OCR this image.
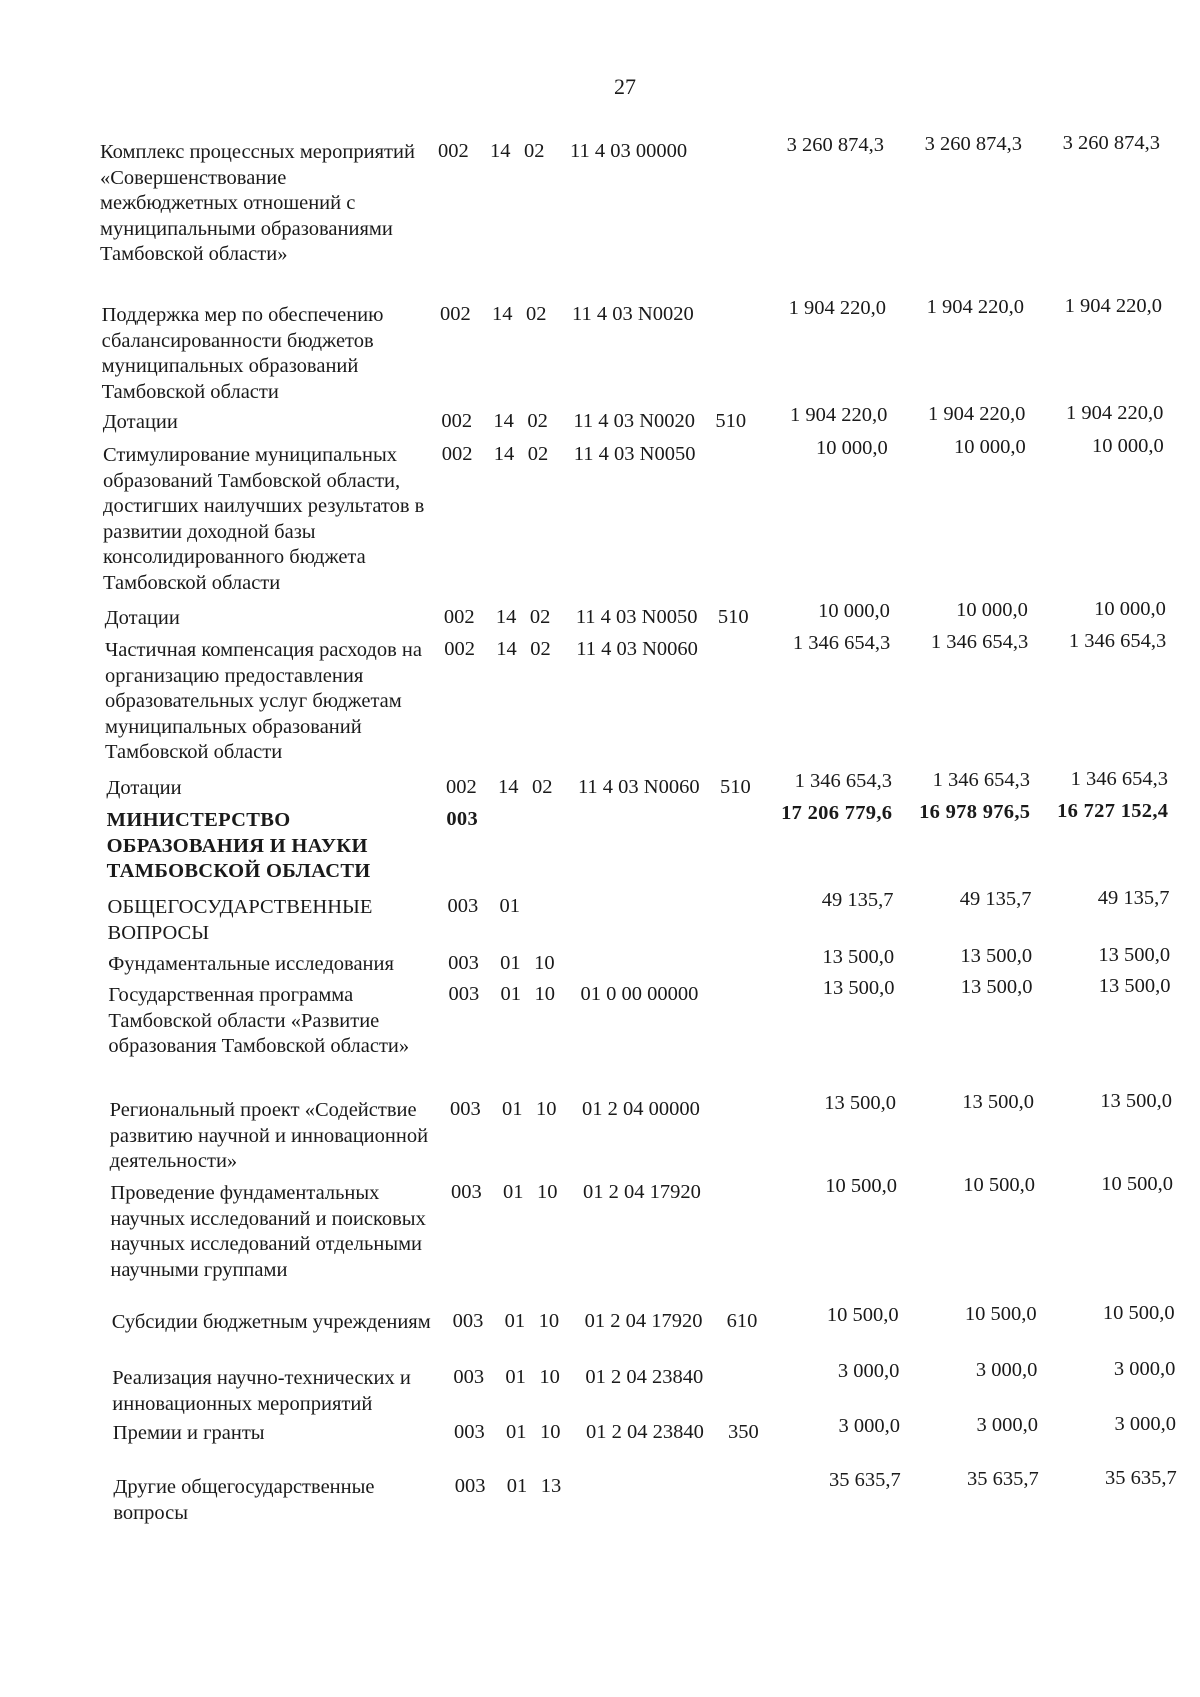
27
Комплекс процессных мероприятий «Совершенствование межбюджетных отношений с муниципальными образованиями Тамбовской области»
002 14 02 11 4 03 00000	3 260 874,3	3 260 874,3	3 260 874,3
Поддержка мер по обеспечению сбалансированности бюджетов муниципальных образований Тамбовской области
002 14 02 11 4 03 N0020	1 904 220,0	1 904 220,0	1 904 220,0
Дотации	002 14 02 11 4 03 N0020 510	1 904 220,0	1 904 220,0	1 904 220,0
Стимулирование муниципальных образований Тамбовской области, достигших наилучших результатов в развитии доходной базы консолидированного бюджета Тамбовской области
002 14 02 11 4 03 N0050	10 000,0	10 000,0	10 000,0
Дотации	002 14 02 11 4 03 N0050 510	10 000,0	10 000,0	10 000,0
Частичная компенсация расходов на организацию предоставления образовательных услуг бюджетам муниципальных образований Тамбовской области
002 14 02 11 4 03 N0060	1 346 654,3	1 346 654,3	1 346 654,3
Дотации	002 14 02 11 4 03 N0060 510	1 346 654,3	1 346 654,3	1 346 654,3
МИНИСТЕРСТВО ОБРАЗОВАНИЯ И НАУКИ ТАМБОВСКОЙ ОБЛАСТИ
003	17 206 779,6	16 978 976,5	16 727 152,4
ОБЩЕГОСУДАРСТВЕННЫЕ ВОПРОСЫ
003 01	49 135,7	49 135,7	49 135,7
Фундаментальные исследования	003 01 10	13 500,0	13 500,0	13 500,0
Государственная программа Тамбовской области «Развитие образования Тамбовской области»
003 01 10 01 0 00 00000	13 500,0	13 500,0	13 500,0
Региональный проект «Содействие развитию научной и инновационной деятельности»
003 01 10 01 2 04 00000	13 500,0	13 500,0	13 500,0
Проведение фундаментальных научных исследований и поисковых научных исследований отдельными научными группами
003 01 10 01 2 04 17920	10 500,0	10 500,0	10 500,0
Субсидии бюджетным учреждениям 003 01 10 01 2 04 17920 610	10 500,0	10 500,0	10 500,0
Реализация научно-технических и инновационных мероприятий
003 01 10 01 2 04 23840	3 000,0	3 000,0	3 000,0
Премии и гранты	003 01 10 01 2 04 23840 350	3 000,0	3 000,0	3 000,0
Другие общегосударственные вопросы
003 01 13	35 635,7	35 635,7	35 635,7
